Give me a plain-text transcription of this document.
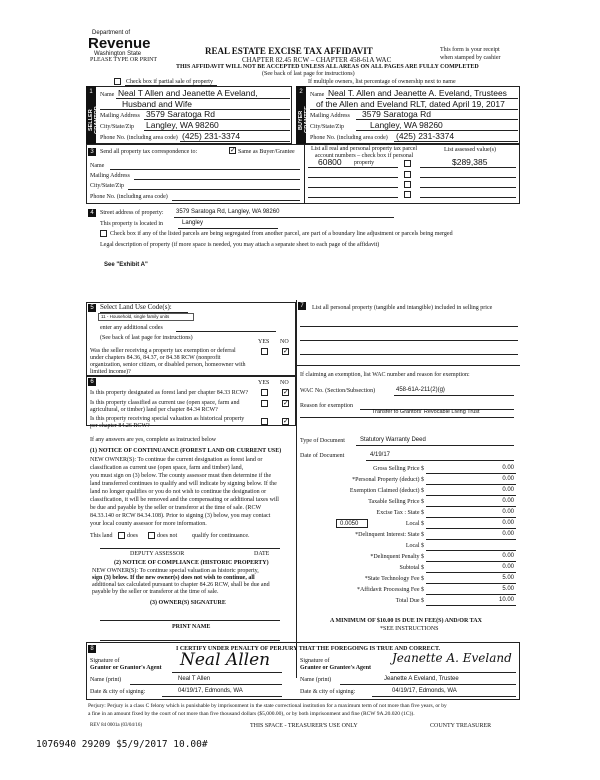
Department of
Revenue
Washington State	REAL ESTATE EXCISE TAX AFFIDAVIT
CHAPTER 82.45 RCW – CHAPTER 458-61A WAC
This form is your receipt
when stamped by cashier
PLEASE TYPE OR PRINT
THIS AFFIDAVIT WILL NOT BE ACCEPTED UNLESS ALL AREAS ON ALL PAGES ARE FULLY COMPLETED
(See back of last page for instructions)
Check box if partial sale of property	If multiple owners, list percentage of ownership next to name
1
SELLER GRANTOR
Name Neal T Allen and Jeanette A Eveland,
Husband and Wife
Mailing Address 3579 Saratoga Rd
City/State/Zip Langley, WA 98260
Phone No. (including area code) (425) 231-3374
2
BUYER GRANTEE
Name Neal T. Allen and Jeanette A. Eveland, Trustees
of the Allen and Eveland RLT, dated April 19, 2017
Mailing Address 3579 Saratoga Rd
City/State/Zip	Langley, WA 98260
Phone No. (including area code) (425) 231-3374
3	Send all property tax correspondence to:	✓ Same as Buyer/Grantee	List all real and personal property tax parcel account numbers – check box if personal property
List assessed value(s)
Name
Mailing Address
City/State/Zip
Phone No. (including area code)
60800	$289,385
4	Street address of property: 3579 Saratoga Rd, Langley, WA 98260
This property is located in	Langley
Check box if any of the listed parcels are being segregated from another parcel, are part of a boundary line adjustment or parcels being merged
Legal description of property (if more space is needed, you may attach a separate sheet to each page of the affidavit)
See "Exhibit A"
5 Select Land Use Code(s):
11 - Household, single family units
enter any additional codes
(See back of last page for instructions)
YES NO
Was the seller receiving a property tax exemption or deferral under chapters 84.36, 84.37, or 84.38 RCW (nonprofit organization, senior citizen, or disabled person, homeowner with limited income)?
✓
7	List all personal property (tangible and intangible) included in selling price
6	YES NO
Is this property designated as forest land per chapter 84.33 RCW?	✓
Is this property classified as current use (open space, farm and agricultural, or timber) land per chapter 84.34 RCW?
✓
Is this property receiving special valuation as historical property per chapter 84.26 RCW?
✓
If any answers are yes, complete as instructed below
(1) NOTICE OF CONTINUANCE (FOREST LAND OR CURRENT USE)
NEW OWNER(S): To continue the current designation as forest land or
classification as current use (open space, farm and timber) land,
you must sign on (3) below. The county assessor must then determine if the
land transferred continues to qualify and will indicate by signing below. If the
land no longer qualifies or you do not wish to continue the designation or
classification, it will be removed and the compensating or additional taxes will
be due and payable by the seller or transferor at the time of sale. (RCW
84.33.140 or RCW 84.34.108). Prior to signing (3) below, you may contact
your local county assessor for more information.
This land does	does not qualify for continuance.
DEPUTY ASSESSOR	DATE
(2) NOTICE OF COMPLIANCE (HISTORIC PROPERTY)
NEW OWNER(S): To continue special valuation as historic property,
sign (3) below. If the new owner(s) does not wish to continue, all
additional tax calculated pursuant to chapter 84.26 RCW, shall be due and
payable by the seller or transferor at the time of sale.
(3) OWNER(S) SIGNATURE
PRINT NAME
If claiming an exemption, list WAC number and reason for exemption:
WAC No. (Section/Subsection)	458-61A-211(2)(g)
Reason for exemption
Transfer to Grantors' Revocable Living Trust
Type of Document	Statutory Warranty Deed
Date of Document	4/19/17
Gross Selling Price $	0.00
*Personal Property (deduct) $	0.00
Exemption Claimed (deduct) $	0.00
Taxable Selling Price $	0.00
Excise Tax : State $	0.00
Local $	0.00
*Delinquent Interest: State $	0.00
Local $
*Delinquent Penalty $	0.00
Subtotal $	0.00
*State Technology Fee $	5.00
*Affidavit Processing Fee $	5.00
Total Due $	10.00
0.0050
A MINIMUM OF $10.00 IS DUE IN FEE(S) AND/OR TAX
*SEE INSTRUCTIONS
8	I CERTIFY UNDER PENALTY OF PERJURY THAT THE FOREGOING IS TRUE AND CORRECT.
Signature of
Grantor or Grantor's Agent Neal Allen
Name (print)	Neal T Allen
Date & city of signing:	04/19/17, Edmonds, WA
Signature of
Grantee or Grantee's Agent
Jeanette A. Eveland
Name (print)	Jeanette A Eveland, Trustee
Date & city of signing:	04/19/17, Edmonds, WA
Perjury: Perjury is a class C felony which is punishable by imprisonment in the state correctional institution for a maximum term of not more than five years, or by
a fine in an amount fixed by the court of not more than five thousand dollars ($5,000.00), or by both imprisonment and fine (RCW 9A.20.020 (1C)).
REV 84 0001a (03/04/16)	THIS SPACE - TREASURER'S USE ONLY	COUNTY TREASURER
1076940 29209 $5/9/2017 10.00#
